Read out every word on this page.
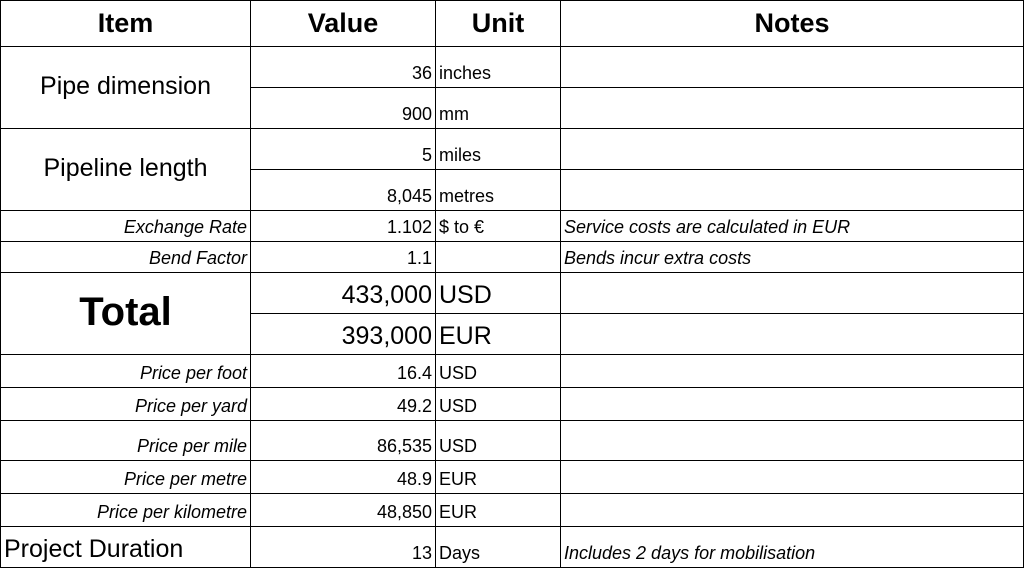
Item	Value	Unit	Notes
Pipe dimension	36	inches	
	900	mm	
Pipeline length	5	miles	
	8,045	metres	
Exchange Rate	1.102	$ to €	Service costs are calculated in EUR
Bend Factor	1.1		Bends incur extra costs
Total	433,000	USD	
	393,000	EUR	
Price per foot	16.4	USD	
Price per yard	49.2	USD	
Price per mile	86,535	USD	
Price per metre	48.9	EUR	
Price per kilometre	48,850	EUR	
Project Duration	13	Days	Includes 2 days for mobilisation
